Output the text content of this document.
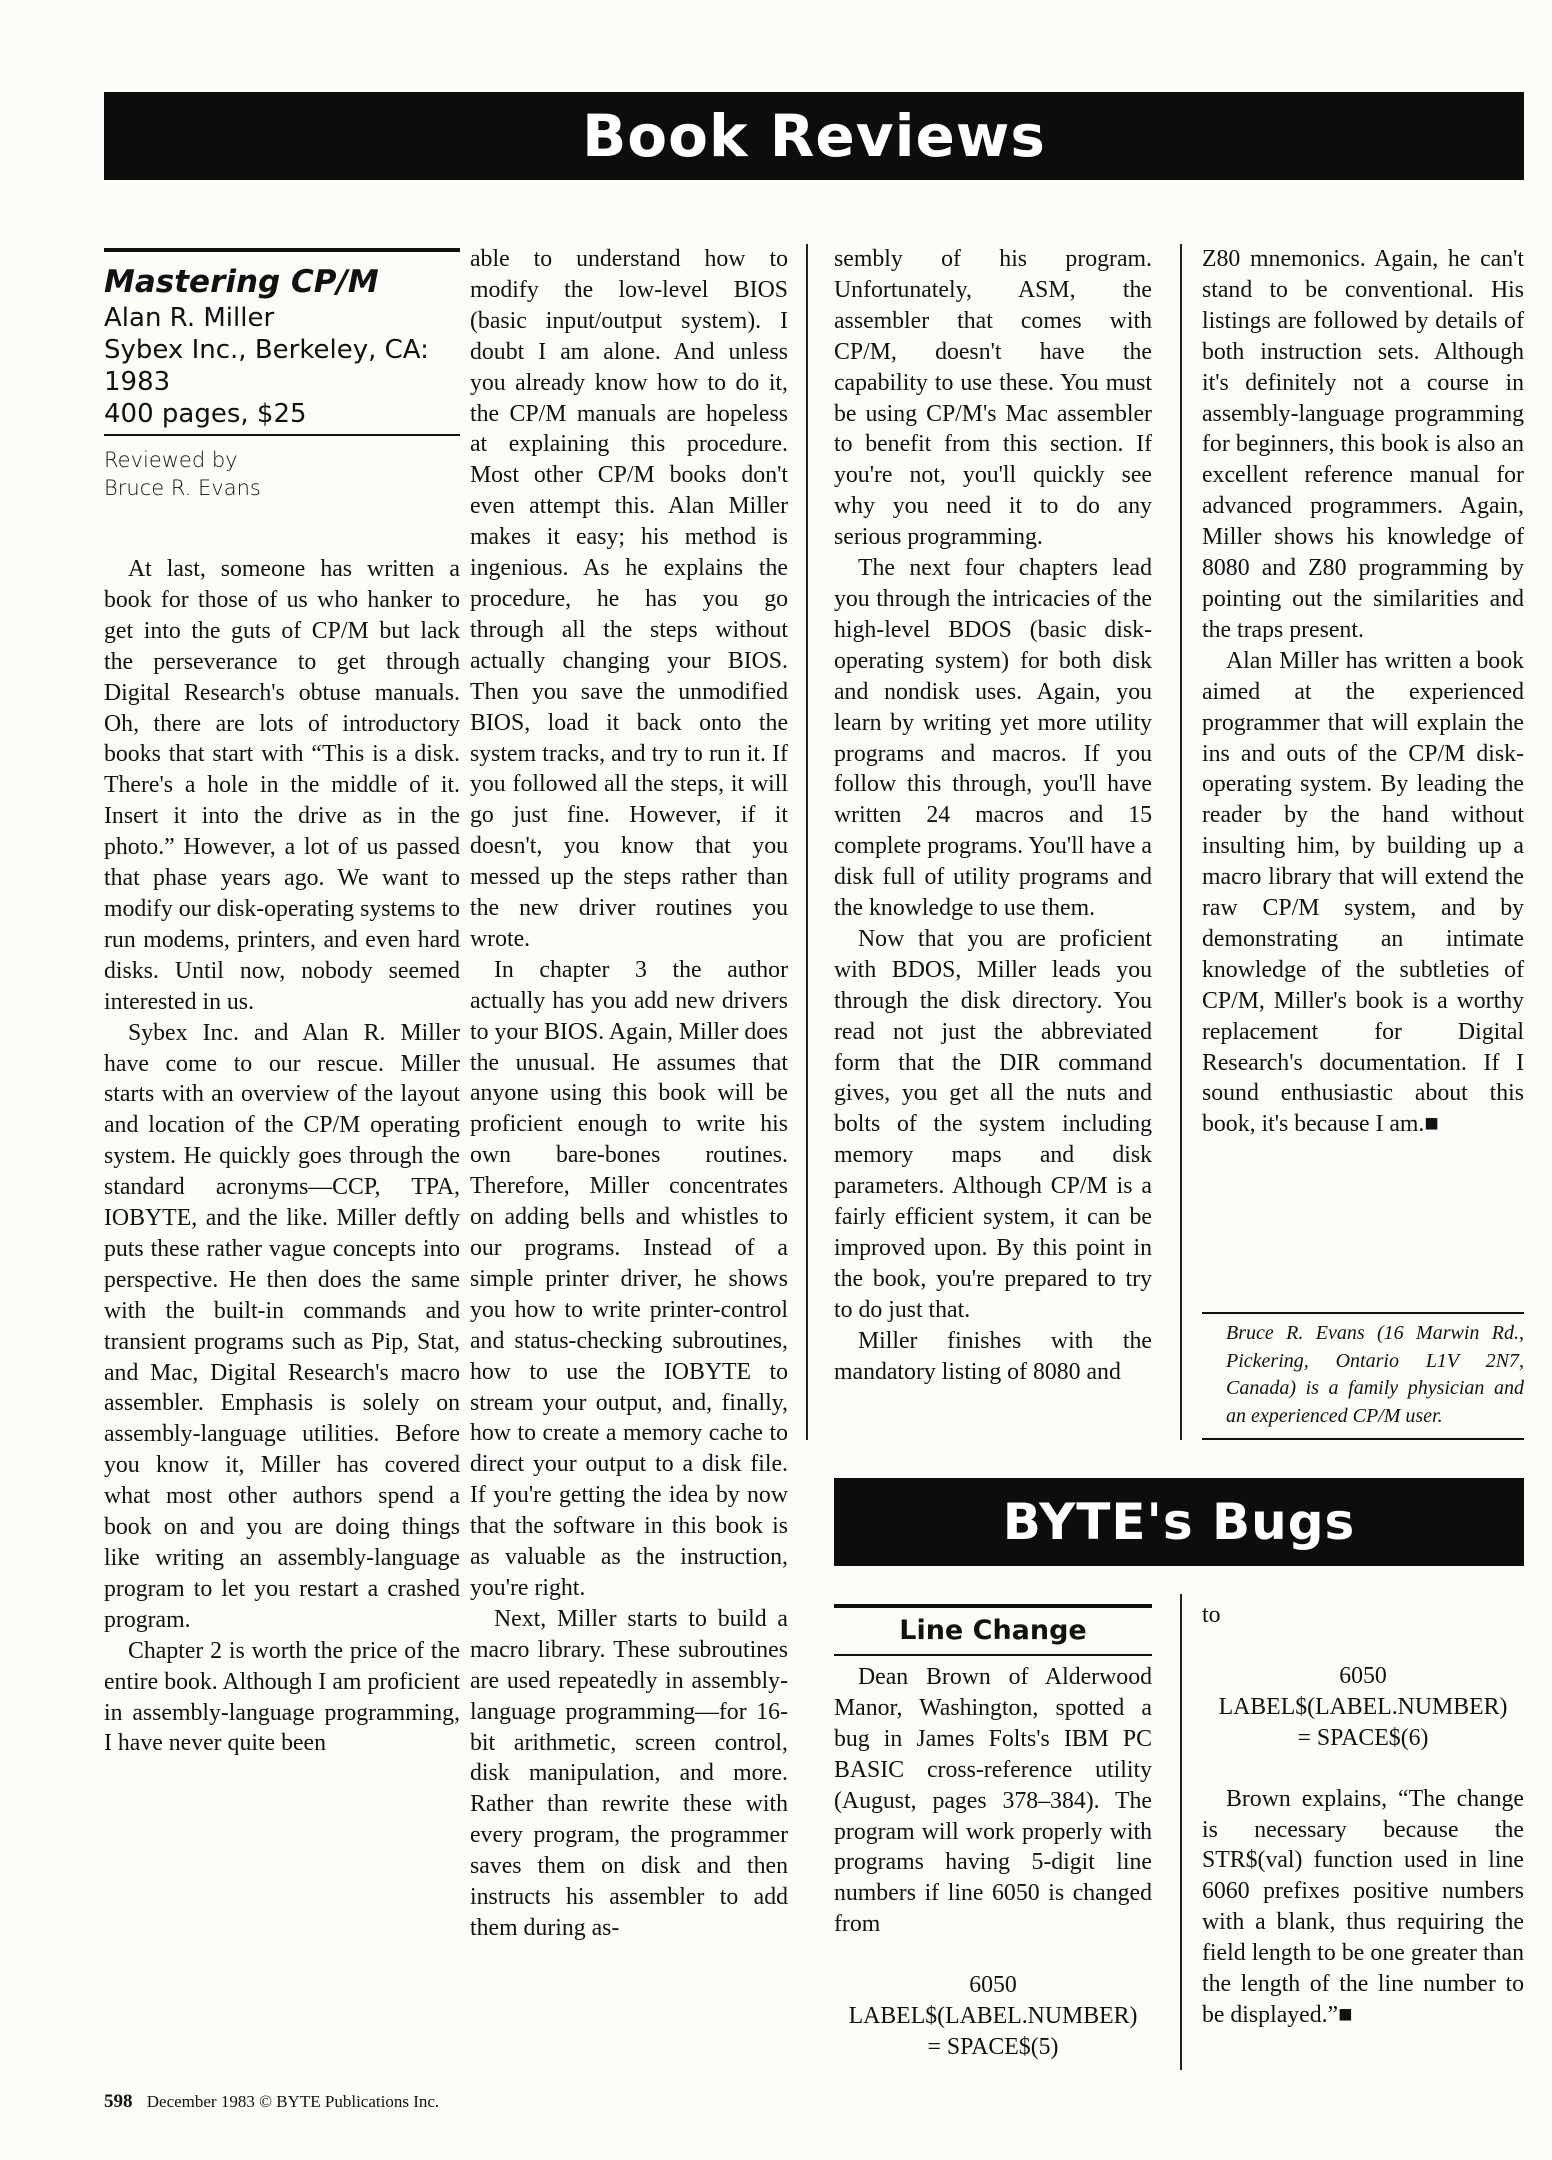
Book Reviews
Mastering CP/M
Alan R. Miller
Sybex Inc., Berkeley, CA: 1983
400 pages, $25
Reviewed by
Bruce R. Evans

At last, someone has written a book for those of us who hanker to get into the guts of CP/M but lack the perseverance to get through Digital Research's obtuse manuals. Oh, there are lots of introductory books that start with “This is a disk. There's a hole in the middle of it. Insert it into the drive as in the photo.” However, a lot of us passed that phase years ago. We want to modify our disk-operating systems to run modems, printers, and even hard disks. Until now, nobody seemed interested in us.

Sybex Inc. and Alan R. Miller have come to our rescue. Miller starts with an overview of the layout and location of the CP/M operating system. He quickly goes through the standard acronyms—CCP, TPA, IOBYTE, and the like. Miller deftly puts these rather vague concepts into perspective. He then does the same with the built-in commands and transient programs such as Pip, Stat, and Mac, Digital Research's macro assembler. Emphasis is solely on assembly-language utilities. Before you know it, Miller has covered what most other authors spend a book on and you are doing things like writing an assembly-language program to let you restart a crashed program.

Chapter 2 is worth the price of the entire book. Although I am proficient in assembly-language programming, I have never quite been

able to understand how to modify the low-level BIOS (basic input/output system). I doubt I am alone. And unless you already know how to do it, the CP/M manuals are hopeless at explaining this procedure. Most other CP/M books don't even attempt this. Alan Miller makes it easy; his method is ingenious. As he explains the procedure, he has you go through all the steps without actually changing your BIOS. Then you save the unmodified BIOS, load it back onto the system tracks, and try to run it. If you followed all the steps, it will go just fine. However, if it doesn't, you know that you messed up the steps rather than the new driver routines you wrote.

In chapter 3 the author actually has you add new drivers to your BIOS. Again, Miller does the unusual. He assumes that anyone using this book will be proficient enough to write his own bare-bones routines. Therefore, Miller concentrates on adding bells and whistles to our programs. Instead of a simple printer driver, he shows you how to write printer-control and status-checking subroutines, how to use the IOBYTE to stream your output, and, finally, how to create a memory cache to direct your output to a disk file. If you're getting the idea by now that the software in this book is as valuable as the instruction, you're right.

Next, Miller starts to build a macro library. These subroutines are used repeatedly in assembly-language programming—for 16-bit arithmetic, screen control, disk manipulation, and more. Rather than rewrite these with every program, the programmer saves them on disk and then instructs his assembler to add them during as-

sembly of his program. Unfortunately, ASM, the assembler that comes with CP/M, doesn't have the capability to use these. You must be using CP/M's Mac assembler to benefit from this section. If you're not, you'll quickly see why you need it to do any serious programming.

The next four chapters lead you through the intricacies of the high-level BDOS (basic disk-operating system) for both disk and nondisk uses. Again, you learn by writing yet more utility programs and macros. If you follow this through, you'll have written 24 macros and 15 complete programs. You'll have a disk full of utility programs and the knowledge to use them.

Now that you are proficient with BDOS, Miller leads you through the disk directory. You read not just the abbreviated form that the DIR command gives, you get all the nuts and bolts of the system including memory maps and disk parameters. Although CP/M is a fairly efficient system, it can be improved upon. By this point in the book, you're prepared to try to do just that.

Miller finishes with the mandatory listing of 8080 and

Z80 mnemonics. Again, he can't stand to be conventional. His listings are followed by details of both instruction sets. Although it's definitely not a course in assembly-language programming for beginners, this book is also an excellent reference manual for advanced programmers. Again, Miller shows his knowledge of 8080 and Z80 programming by pointing out the similarities and the traps present.

Alan Miller has written a book aimed at the experienced programmer that will explain the ins and outs of the CP/M disk-operating system. By leading the reader by the hand without insulting him, by building up a macro library that will extend the raw CP/M system, and by demonstrating an intimate knowledge of the subtleties of CP/M, Miller's book is a worthy replacement for Digital Research's documentation. If I sound enthusiastic about this book, it's because I am.■

Bruce R. Evans (16 Marwin Rd., Pickering, Ontario L1V 2N7, Canada) is a family physician and an experienced CP/M user.
BYTE's Bugs
Line Change

Dean Brown of Alderwood Manor, Washington, spotted a bug in James Folts's IBM PC BASIC cross-reference utility (August, pages 378–384). The program will work properly with programs having 5-digit line numbers if line 6050 is changed from

6050
LABEL$(LABEL.NUMBER)
= SPACE$(5)

to

6050
LABEL$(LABEL.NUMBER)
= SPACE$(6)

Brown explains, “The change is necessary because the STR$(val) function used in line 6060 prefixes positive numbers with a blank, thus requiring the field length to be one greater than the length of the line number to be displayed.”■

598 December 1983 © BYTE Publications Inc.
